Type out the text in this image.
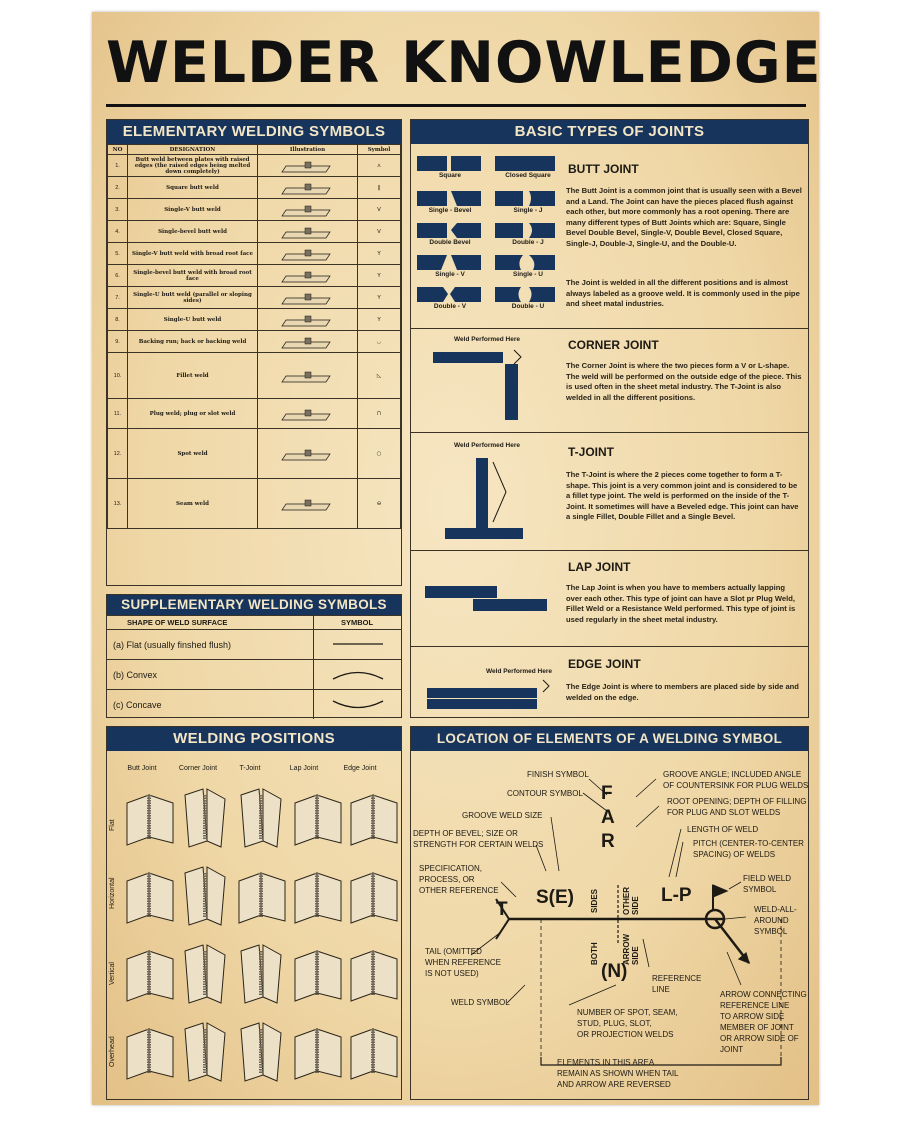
WELDER KNOWLEDGE
ELEMENTARY WELDING SYMBOLS
NO	DESIGNATION	Illustration	Symbol
1.	Butt weld between plates with raised edges (the raised edges being melted down completely)		⋏
2.	Square butt weld		‖
3.	Single-V butt weld		V
4.	Single-bevel butt weld		V
5.	Single-V butt weld with broad root face		Y
6.	Single-bevel butt weld with broad root face		Y
7.	Single-U butt weld (parallel or sloping sides)		Y
8.	Single-U butt weld		Y
9.	Backing run; back or backing weld		◡
10.	Fillet weld		◺
11.	Plug weld; plug or slot weld		⊓
12.	Spot weld		○
13.	Seam weld		⊖
SUPPLEMENTARY WELDING SYMBOLS
SHAPE OF WELD SURFACE	SYMBOL
(a) Flat (usually finshed flush)
(b) Convex
(c) Concave
BASIC TYPES OF JOINTS
Square	Closed Square
Single - Bevel	Single - J
Double Bevel	Double - J
Single - V	Single - U
Double - V	Double - U
BUTT JOINT
The Butt Joint is a common joint that is usually seen with a Bevel and a Land. The Joint can have the pieces placed flush against each other, but more commonly has a root opening. There are many different types of Butt Joints which are: Square, Single Bevel Double Bevel, Single-V, Double Bevel, Closed Square, Single-J, Double-J, Single-U, and the Double-U.
The Joint is welded in all the different positions and is almost always labeled as a groove weld. It is commonly used in the pipe and sheet matal industries.
Weld Performed Here	CORNER JOINT
The Corner Joint is where the two pieces form a V or L-shape. The weld will be performed on the outside edge of the piece. This is used often in the sheet metal industry. The T-Joint is also welded in all the different positions.
Weld Performed Here	T-JOINT
The T-Joint is where the 2 pieces come together to form a T-shape. This joint is a very common joint and is considered to be a fillet type joint. The weld is performed on the inside of the T-Joint. It sometimes will have a Beveled edge. This joint can have a single Fillet, Double Fillet and a Single Bevel.
LAP JOINT
The Lap Joint is when you have to members actually lapping over each other. This type of joint can have a Slot pr Plug Weld, Fillet Weld or a Resistance Weld performed. This type of joint is used regularly in the sheet metal industry.
Weld Performed Here
EDGE JOINT
The Edge Joint is where to members are placed side by side and welded on the edge.
WELDING POSITIONS
Butt Joint	Corner Joint	T-Joint	Lap Joint	Edge Joint
Flat
Horizontal
Vertical
Overhead
LOCATION OF ELEMENTS OF A WELDING SYMBOL
F
A
R
T
S(E)	L-P
(N)
SIDES	OTHER
SIDE
BOTH	ARROW
SIDE
FINISH SYMBOL
CONTOUR SYMBOL
GROOVE WELD SIZE
DEPTH OF BEVEL; SIZE OR
STRENGTH FOR CERTAIN WELDS
SPECIFICATION,
PROCESS, OR
OTHER REFERENCE
TAIL (OMITTED
WHEN REFERENCE
IS NOT USED)
WELD SYMBOL
NUMBER OF SPOT, SEAM,
STUD, PLUG, SLOT,
OR PROJECTION WELDS
ELEMENTS IN THIS AREA
REMAIN AS SHOWN WHEN TAIL
AND ARROW ARE REVERSED
GROOVE ANGLE; INCLUDED ANGLE
OF COUNTERSINK FOR PLUG WELDS
ROOT OPENING; DEPTH OF FILLING
FOR PLUG AND SLOT WELDS
LENGTH OF WELD
PITCH (CENTER-TO-CENTER
SPACING) OF WELDS
FIELD WELD
SYMBOL
WELD-ALL-
AROUND
SYMBOL
REFERENCE
LINE
ARROW CONNECTING
REFERENCE LINE
TO ARROW SIDE
MEMBER OF JOINT
OR ARROW SIDE OF
JOINT
